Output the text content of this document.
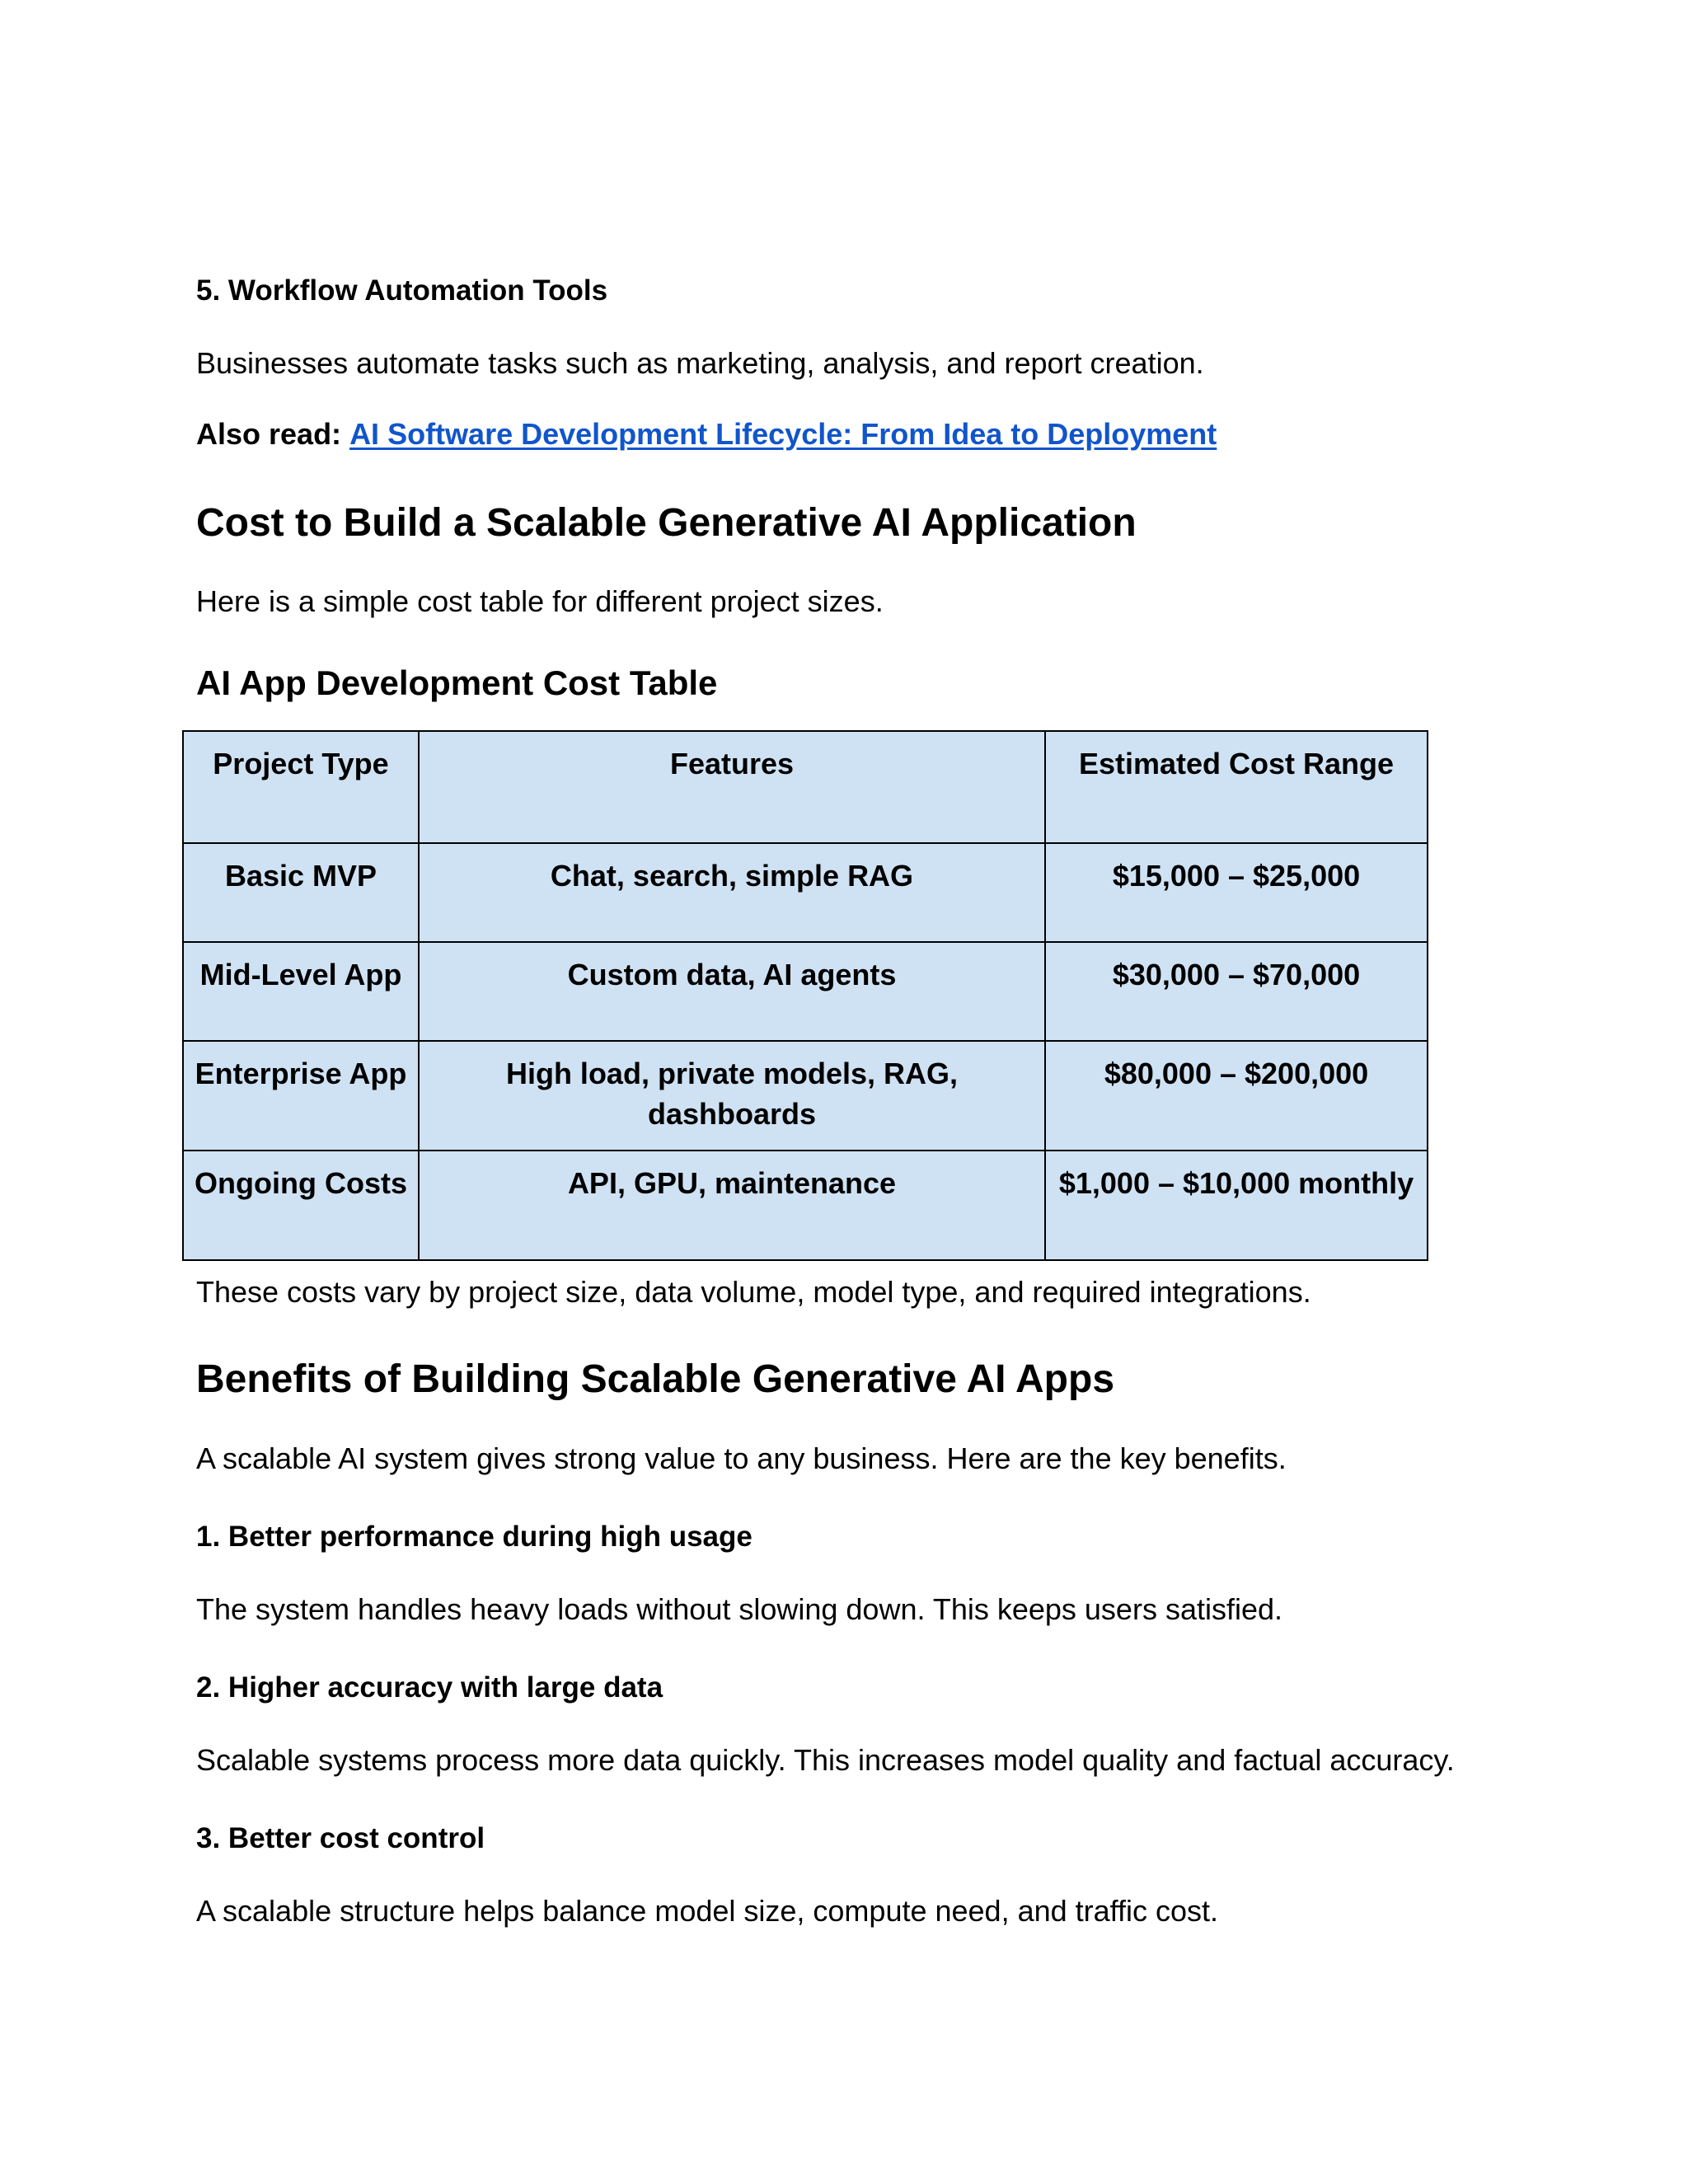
5. Workflow Automation Tools

Businesses automate tasks such as marketing, analysis, and report creation.

Also read: AI Software Development Lifecycle: From Idea to Deployment

Cost to Build a Scalable Generative AI Application

Here is a simple cost table for different project sizes.

AI App Development Cost Table
Project Type	Features	Estimated Cost Range
Basic MVP	Chat, search, simple RAG	$15,000 – $25,000
Mid-Level App	Custom data, AI agents	$30,000 – $70,000
Enterprise App	High load, private models, RAG, dashboards	$80,000 – $200,000
Ongoing Costs	API, GPU, maintenance	$1,000 – $10,000 monthly

These costs vary by project size, data volume, model type, and required integrations.

Benefits of Building Scalable Generative AI Apps

A scalable AI system gives strong value to any business. Here are the key benefits.

1. Better performance during high usage

The system handles heavy loads without slowing down. This keeps users satisfied.

2. Higher accuracy with large data

Scalable systems process more data quickly. This increases model quality and factual accuracy.

3. Better cost control

A scalable structure helps balance model size, compute need, and traffic cost.
